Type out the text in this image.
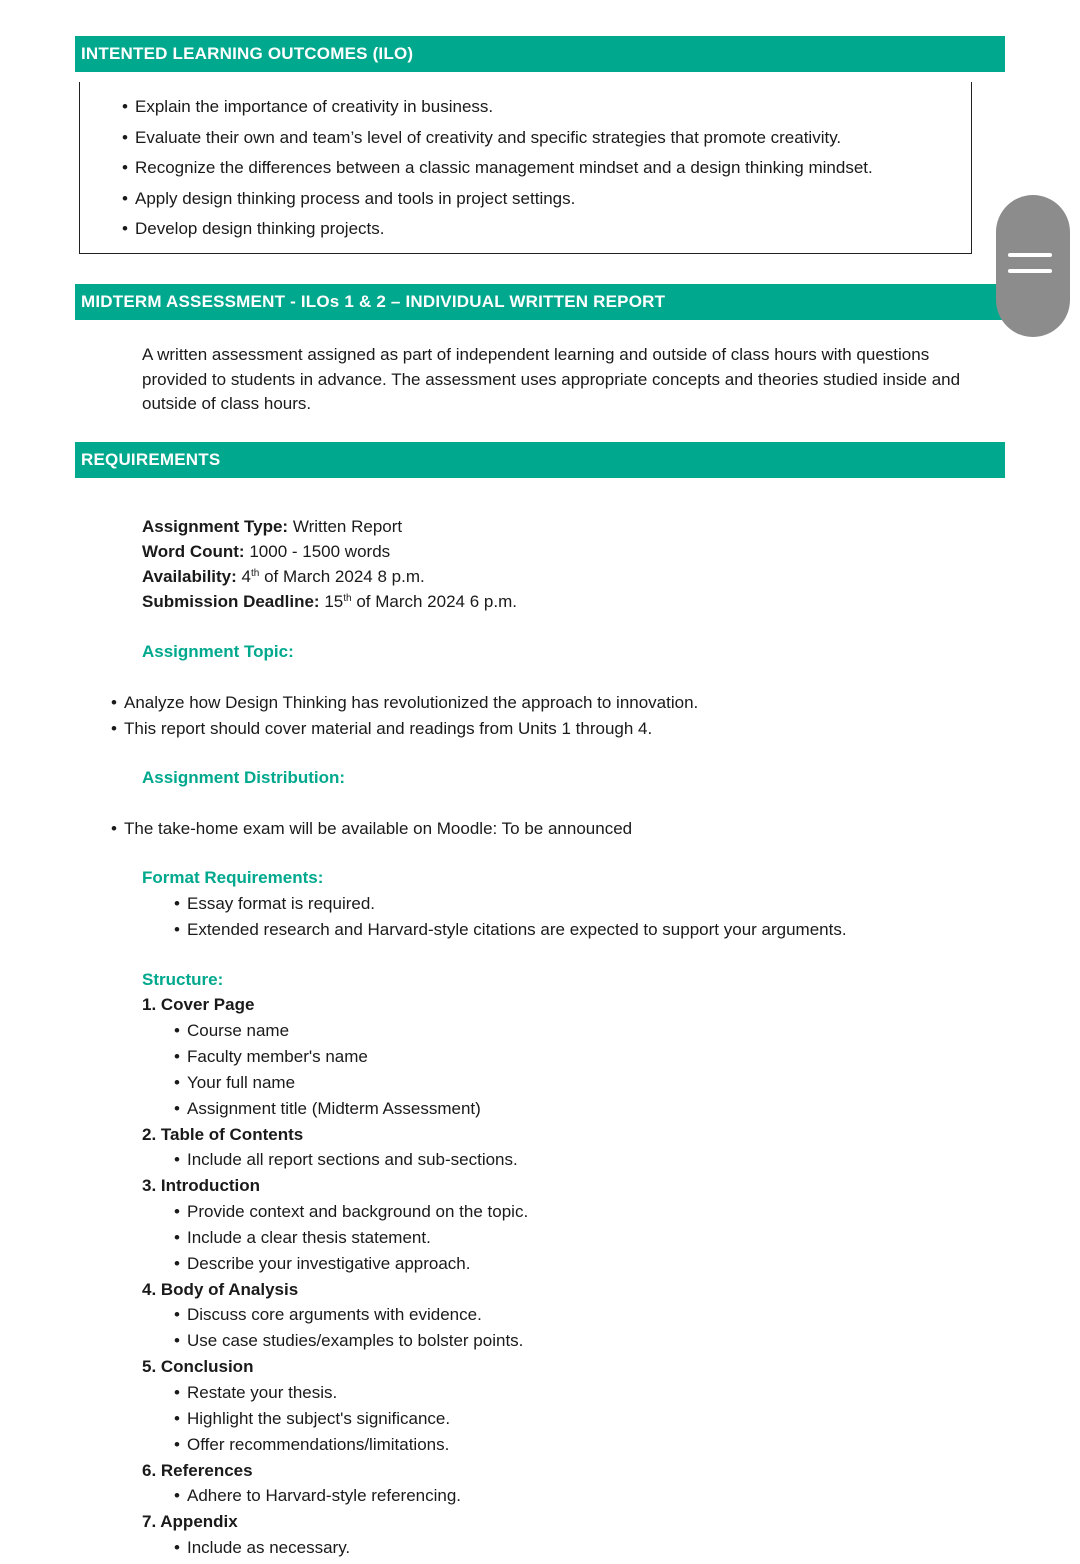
INTENTED LEARNING OUTCOMES (ILO)
• Explain the importance of creativity in business.
• Evaluate their own and team’s level of creativity and specific strategies that promote creativity.
• Recognize the differences between a classic management mindset and a design thinking mindset.
• Apply design thinking process and tools in project settings.
• Develop design thinking projects.
MIDTERM ASSESSMENT - ILOs 1 & 2 – INDIVIDUAL WRITTEN REPORT

A written assessment assigned as part of independent learning and outside of class hours with questions provided to students in advance. The assessment uses appropriate concepts and theories studied inside and outside of class hours.

REQUIREMENTS
Assignment Type: Written Report
Word Count: 1000 - 1500 words
Availability: 4th of March 2024 8 p.m.
Submission Deadline: 15th of March 2024 6 p.m.
Assignment Topic:
• Analyze how Design Thinking has revolutionized the approach to innovation.
• This report should cover material and readings from Units 1 through 4.
Assignment Distribution:
• The take-home exam will be available on Moodle: To be announced
Format Requirements:
• Essay format is required.
• Extended research and Harvard-style citations are expected to support your arguments.
Structure:
1. Cover Page
• Course name
• Faculty member's name
• Your full name
• Assignment title (Midterm Assessment)
2. Table of Contents
• Include all report sections and sub-sections.
3. Introduction
• Provide context and background on the topic.
• Include a clear thesis statement.
• Describe your investigative approach.
4. Body of Analysis
• Discuss core arguments with evidence.
• Use case studies/examples to bolster points.
5. Conclusion
• Restate your thesis.
• Highlight the subject's significance.
• Offer recommendations/limitations.
6. References
• Adhere to Harvard-style referencing.
7. Appendix
• Include as necessary.
